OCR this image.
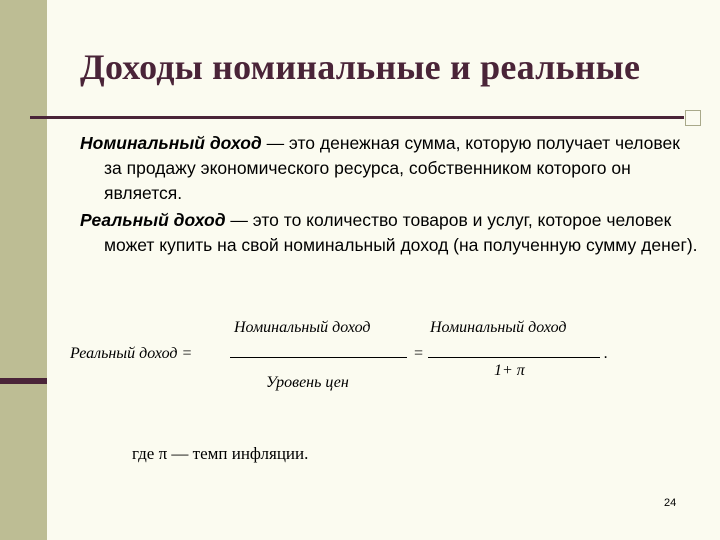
Доходы номинальные и реальные

Номинальный доход — это денежная сумма, которую получает человек за продажу экономического ресурса, собственником которого он является.

Реальный доход — это то количество товаров и услуг, которое человек может купить на свой номинальный доход (на полученную сумму денег).

Реальный доход =
Номинальный доход
Уровень цен
=
Номинальный доход
1+ π
.
где π — темп инфляции.
24
